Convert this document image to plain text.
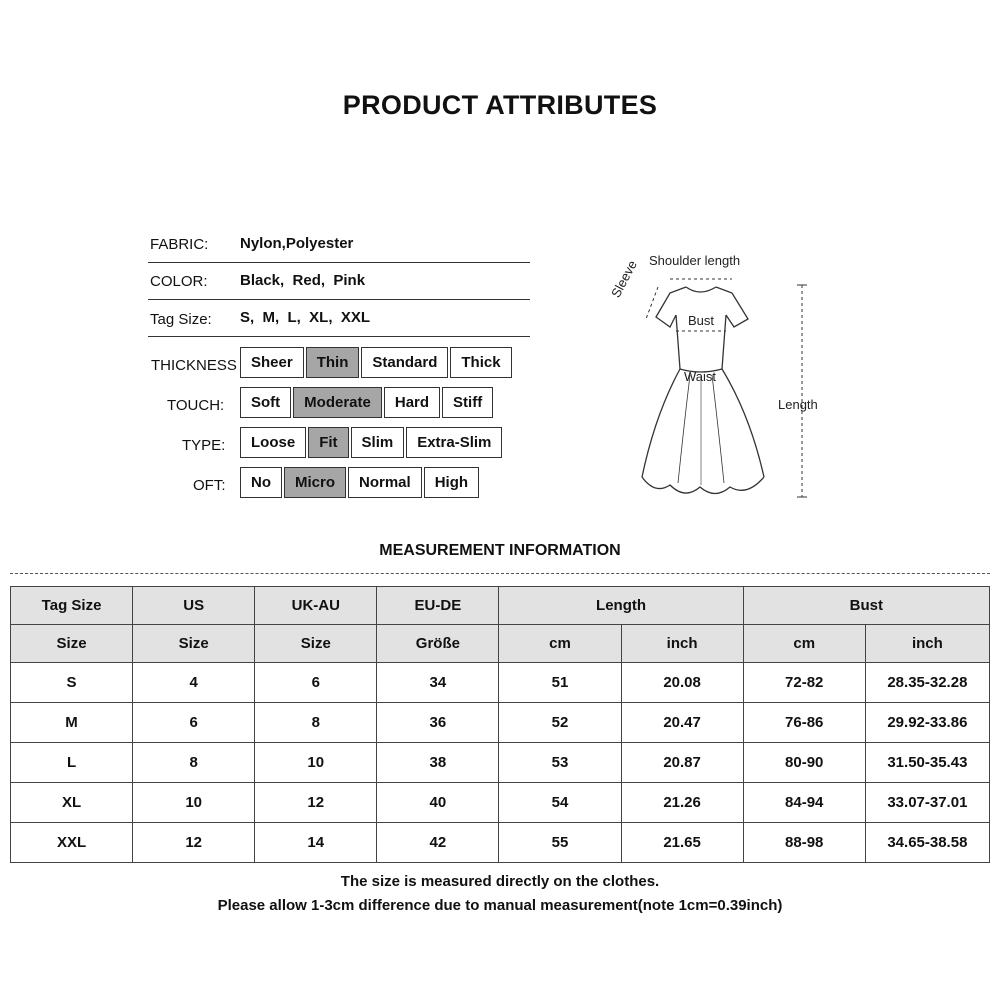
PRODUCT ATTRIBUTES
FABRIC: Nylon,Polyester
COLOR: Black,  Red,  Pink
Tag Size: S,  M,  L,  XL,  XXL
THICKNESS Sheer	Thin	Standard	Thick
TOUCH:	Soft	Moderate	Hard	Stiff
TYPE:	Loose	Fit	Slim	Extra-Slim
OFT:	No	Micro	Normal	High
Shoulder length
Sleeve
Bust
Waist
Length
MEASUREMENT INFORMATION
Tag Size	US	UK-AU	EU-DE	Length		Bust	
Size	Size	Size	Größe	cm	inch	cm	inch
S	4	6	34	51	20.08	72-82	28.35-32.28
M	6	8	36	52	20.47	76-86	29.92-33.86
L	8	10	38	53	20.87	80-90	31.50-35.43
XL	10	12	40	54	21.26	84-94	33.07-37.01
XXL	12	14	42	55	21.65	88-98	34.65-38.58
The size is measured directly on the clothes.
Please allow 1-3cm difference due to manual measurement(note 1cm=0.39inch)
